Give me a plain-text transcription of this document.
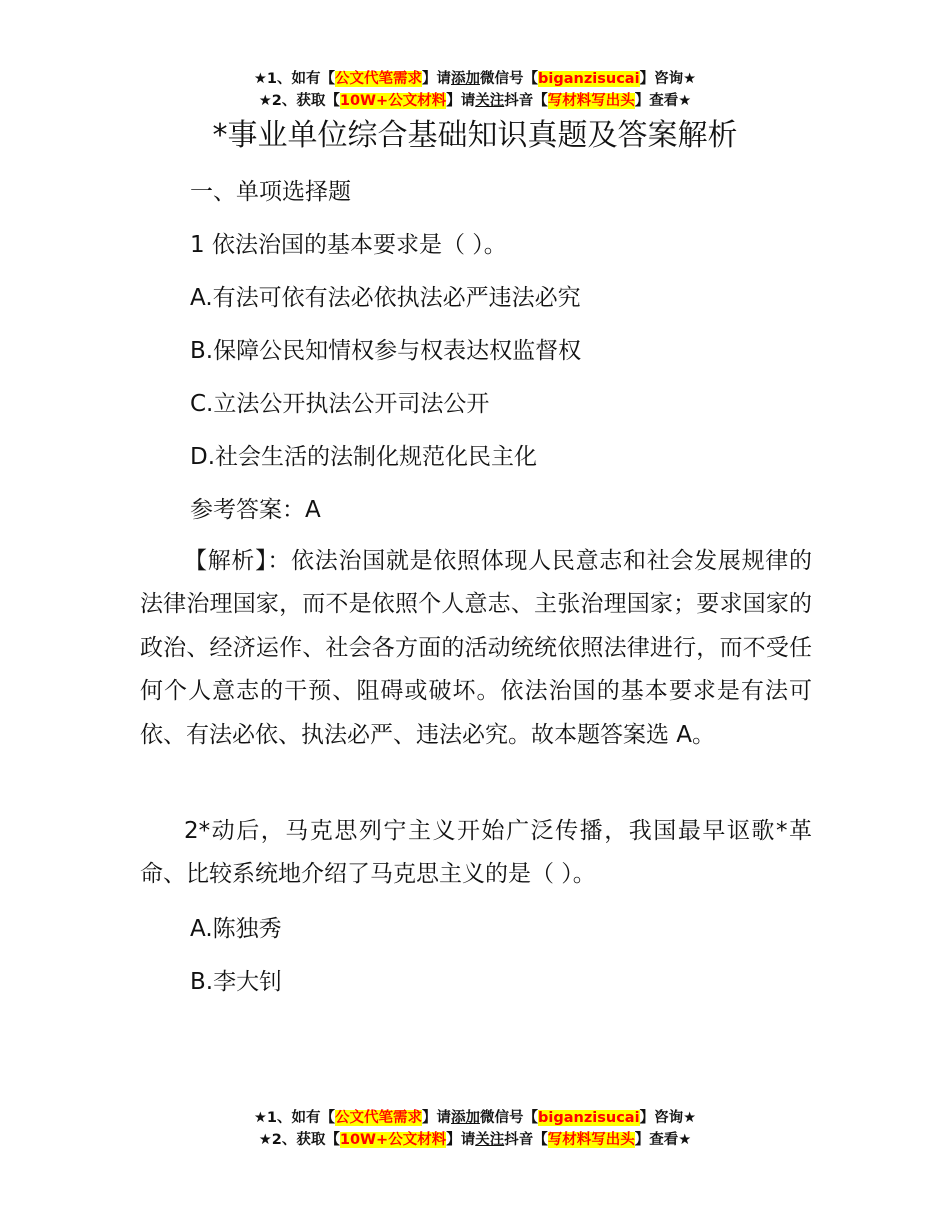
★1、如有【公文代笔需求】请添加微信号【biganzisucai】咨询★
★2、获取【10W+公文材料】请关注抖音【写材料写出头】查看★
*事业单位综合基础知识真题及答案解析
一、单项选择题
1 依法治国的基本要求是（ ）。
A.有法可依有法必依执法必严违法必究
B.保障公民知情权参与权表达权监督权
C.立法公开执法公开司法公开
D.社会生活的法制化规范化民主化
参考答案：A
【解析】：依法治国就是依照体现人民意志和社会发展规律的法律治理国家，而不是依照个人意志、主张治理国家；要求国家的政治、经济运作、社会各方面的活动统统依照法律进行，而不受任何个人意志的干预、阻碍或破坏。依法治国的基本要求是有法可依、有法必依、执法必严、违法必究。故本题答案选 A。
2*动后，马克思列宁主义开始广泛传播，我国最早讴歌*革命、比较系统地介绍了马克思主义的是（ ）。
A.陈独秀
B.李大钊
★1、如有【公文代笔需求】请添加微信号【biganzisucai】咨询★
★2、获取【10W+公文材料】请关注抖音【写材料写出头】查看★
